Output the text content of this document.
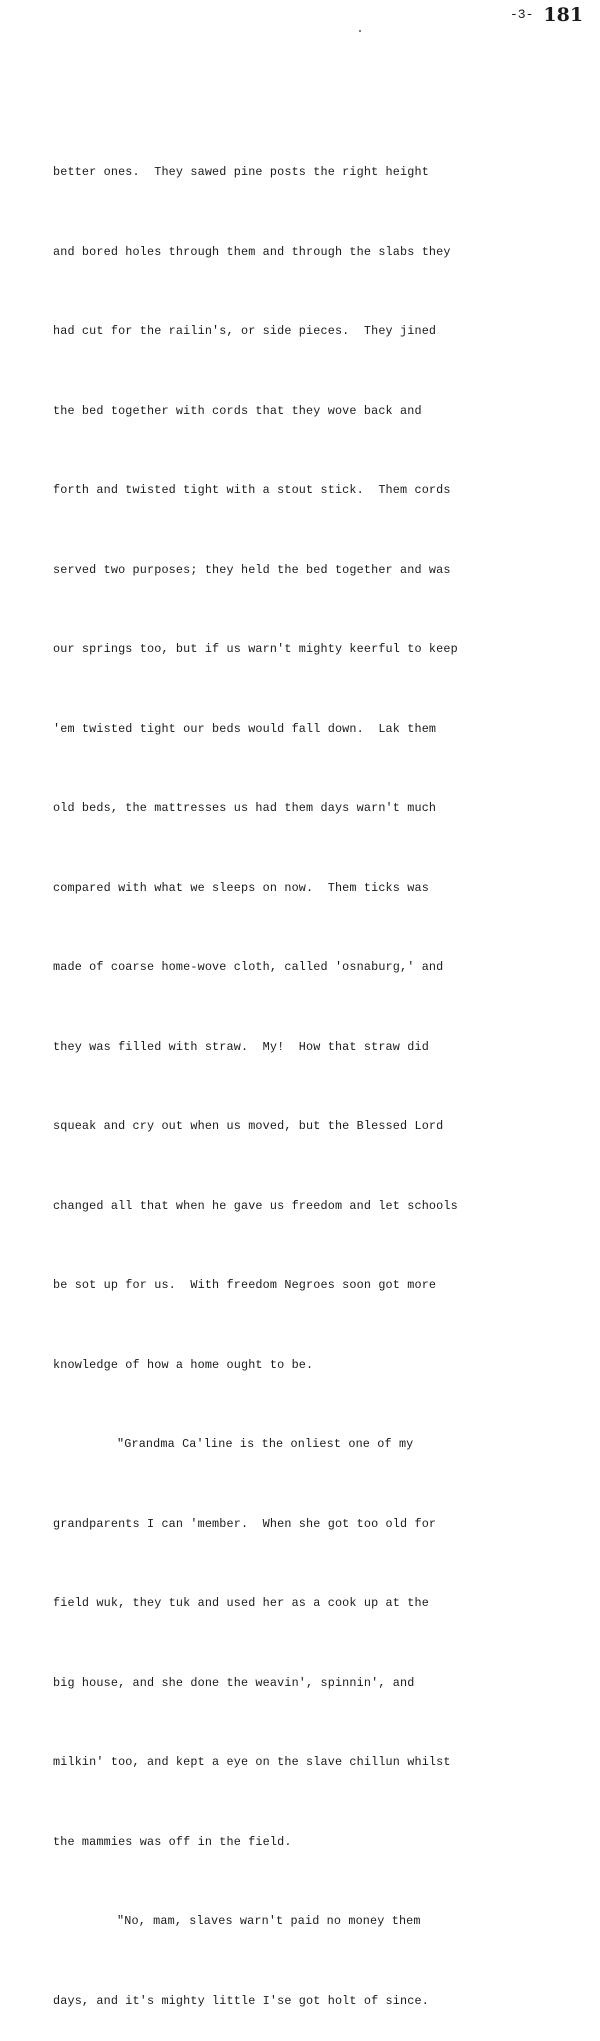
$^{-3-}$ 181

better ones.  They sawed pine posts the right height

and bored holes through them and through the slabs they

had cut for the railin's, or side pieces.  They jined

the bed together with cords that they wove back and

forth and twisted tight with a stout stick.  Them cords

served two purposes; they held the bed together and was

our springs too, but if us warn't mighty keerful to keep

'em twisted tight our beds would fall down.  Lak them

old beds, the mattresses us had them days warn't much

compared with what we sleeps on now.  Them ticks was

made of coarse home-wove cloth, called 'osnaburg,' and

they was filled with straw.  My!  How that straw did

squeak and cry out when us moved, but the Blessed Lord

changed all that when he gave us freedom and let schools

be sot up for us.  With freedom Negroes soon got more

knowledge of how a home ought to be.

"Grandma Ca'line is the onliest one of my

grandparents I can 'member.  When she got too old for

field wuk, they tuk and used her as a cook up at the

big house, and she done the weavin', spinnin', and

milkin' too, and kept a eye on the slave chillun whilst

the mammies was off in the field.

"No, mam, slaves warn't paid no money them

days, and it's mighty little I'se got holt of since.
